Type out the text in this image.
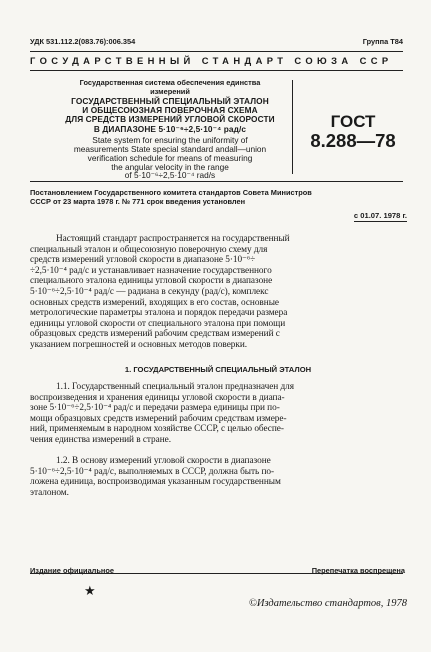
УДК 531.112.2(083.76):006.354	Группа Т84
ГОСУДАРСТВЕННЫЙ СТАНДАРТ СОЮЗА ССР
Государственная система обеспечения единства
измерений
ГОСУДАРСТВЕННЫЙ СПЕЦИАЛЬНЫЙ ЭТАЛОН
И ОБЩЕСОЮЗНАЯ ПОВЕРОЧНАЯ СХЕМА
ДЛЯ СРЕДСТВ ИЗМЕРЕНИЙ УГЛОВОЙ СКОРОСТИ
В ДИАПАЗОНЕ 5·10⁻⁶÷2,5·10⁻⁴ рад/с
State system for ensuring the uniformity of
measurements State special standard andall—union
verification schedule for means of measuring
the angular velocity in the range
of 5·10⁻⁶÷2,5·10⁻⁴ rad/s
ГОСТ
8.288—78
Постановлением Государственного комитета стандартов Совета Министров
СССР от 23 марта 1978 г. № 771 срок введения установлен
с 01.07. 1978 г.
Настоящий стандарт распространяется на государственный
специальный эталон и общесоюзную поверочную схему для
средств измерений угловой скорости в диапазоне 5·10⁻⁶÷
÷2,5·10⁻⁴ рад/с и устанавливает назначение государственного
специального эталона единицы угловой скорости в диапазоне
5·10⁻⁶÷2,5·10⁻⁴ рад/с — радиана в секунду (рад/с), комплекс
основных средств измерений, входящих в его состав, основные
метрологические параметры эталона и порядок передачи размера
единицы угловой скорости от специального эталона при помощи
образцовых средств измерений рабочим средствам измерений с
указанием погрешностей и основных методов поверки.
1. ГОСУДАРСТВЕННЫЙ СПЕЦИАЛЬНЫЙ ЭТАЛОН
1.1. Государственный специальный эталон предназначен для
воспроизведения и хранения единицы угловой скорости в диапа-
зоне 5·10⁻⁶÷2,5·10⁻⁴ рад/с и передачи размера единицы при по-
мощи образцовых средств измерений рабочим средствам измере-
ний, применяемым в народном хозяйстве СССР, с целью обеспе-
чения единства измерений в стране.
1.2. В основу измерений угловой скорости в диапазоне
5·10⁻⁶÷2,5·10⁻⁴ рад/с, выполняемых в СССР, должна быть по-
ложена единица, воспроизводимая указанным государственным
эталоном.
Издание официальное	Перепечатка воспрещена
★
©Издательство стандартов, 1978
